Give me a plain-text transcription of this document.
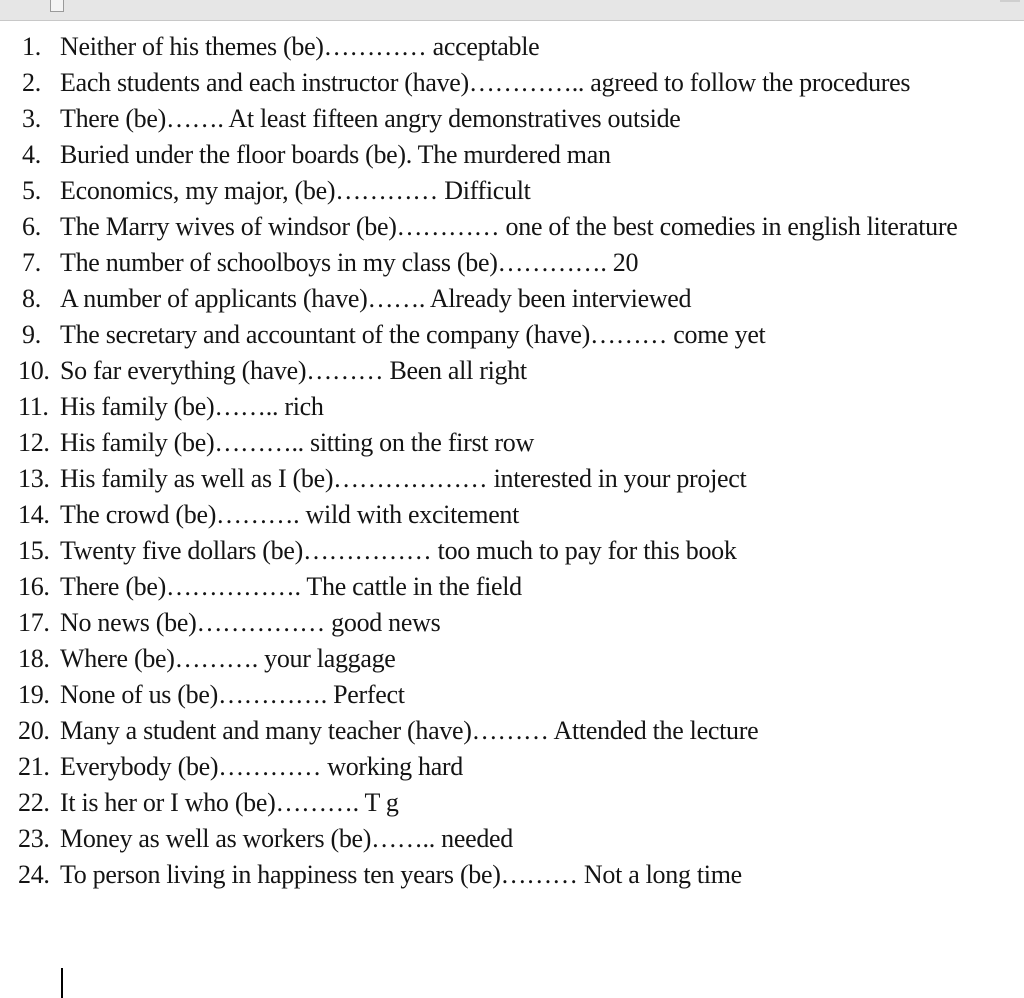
1. Neither of his themes (be)………… acceptable
2. Each students and each instructor (have)………….. agreed to follow the procedures
3. There (be)……. At least fifteen angry demonstratives outside
4. Buried under the floor boards (be). The murdered man
5. Economics, my major, (be)………… Difficult
6. The Marry wives of windsor (be)………… one of the best comedies in english literature
7. The number of schoolboys in my class (be)…………. 20
8. A number of applicants (have)……. Already been interviewed
9. The secretary and accountant of the company (have)……… come yet
10. So far everything (have)……… Been all right
11. His family (be)…….. rich
12. His family (be)……….. sitting on the first row
13. His family as well as I (be)……………… interested in your project
14. The crowd (be)………. wild with excitement
15. Twenty five dollars (be)…………… too much to pay for this book
16. There (be)……………. The cattle in the field
17. No news (be)…………… good news
18. Where (be)………. your laggage
19. None of us (be)…………. Perfect
20. Many a student and many teacher (have)……… Attended the lecture
21. Everybody (be)………… working hard
22. It is her or I who (be)………. T g
23. Money as well as workers (be)…….. needed
24. To person living in happiness ten years (be)……… Not a long time
